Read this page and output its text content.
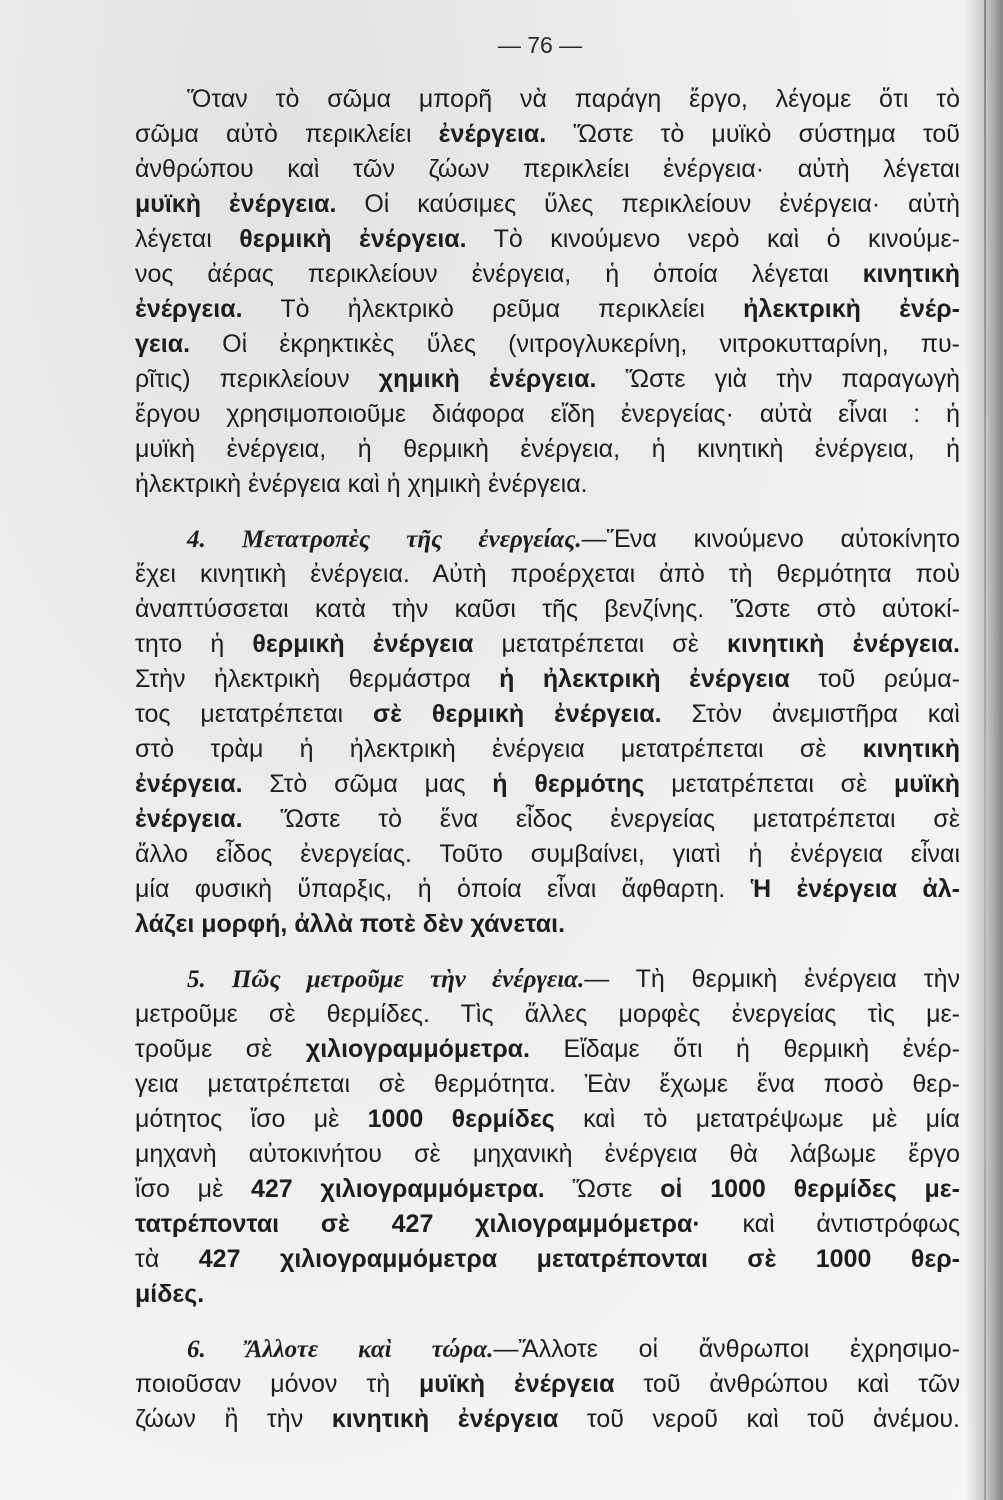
— 76 —
Ὅταν τὸ σῶμα μπορῆ νὰ παράγη ἔργο, λέγομε ὅτι τὸ
σῶμα αὐτὸ περικλείει ἐνέργεια. Ὥστε τὸ μυϊκὸ σύστημα τοῦ
ἀνθρώπου καὶ τῶν ζώων περικλείει ἐνέργεια· αὐτὴ λέγεται
μυϊκὴ ἐνέργεια. Οἱ καύσιμες ὕλες περικλείουν ἐνέργεια· αὐτὴ
λέγεται θερμικὴ ἐνέργεια. Τὸ κινούμενο νερὸ καὶ ὁ κινούμε-
νος ἀέρας περικλείουν ἐνέργεια, ἡ ὁποία λέγεται κινητικὴ
ἐνέργεια. Τὸ ἠλεκτρικὸ ρεῦμα περικλείει ἠλεκτρικὴ ἐνέρ-
γεια. Οἱ ἐκρηκτικὲς ὕλες (νιτρογλυκερίνη, νιτροκυτταρίνη, πυ-
ρῖτις) περικλείουν χημικὴ ἐνέργεια. Ὥστε γιὰ τὴν παραγωγὴ
ἔργου χρησιμοποιοῦμε διάφορα εἴδη ἐνεργείας· αὐτὰ εἶναι : ἡ
μυϊκὴ ἐνέργεια, ἡ θερμικὴ ἐνέργεια, ἡ κινητικὴ ἐνέργεια, ἡ
ἠλεκτρικὴ ἐνέργεια καὶ ἡ χημικὴ ἐνέργεια.
4. Μετατροπὲς τῆς ἐνεργείας.—Ἕνα κινούμενο αὐτοκίνητο
ἔχει κινητικὴ ἐνέργεια. Αὐτὴ προέρχεται ἀπὸ τὴ θερμότητα ποὺ
ἀναπτύσσεται κατὰ τὴν καῦσι τῆς βενζίνης. Ὥστε στὸ αὐτοκί-
τητο ἡ θερμικὴ ἐνέργεια μετατρέπεται σὲ κινητικὴ ἐνέργεια.
Στὴν ἠλεκτρικὴ θερμάστρα ἡ ἠλεκτρικὴ ἐνέργεια τοῦ ρεύμα-
τος μετατρέπεται σὲ θερμικὴ ἐνέργεια. Στὸν ἀνεμιστῆρα καὶ
στὸ τρὰμ ἡ ἠλεκτρικὴ ἐνέργεια μετατρέπεται σὲ κινητικὴ
ἐνέργεια. Στὸ σῶμα μας ἡ θερμότης μετατρέπεται σὲ μυϊκὴ
ἐνέργεια. Ὥστε τὸ ἕνα εἶδος ἐνεργείας μετατρέπεται σὲ
ἄλλο εἶδος ἐνεργείας. Τοῦτο συμβαίνει, γιατὶ ἡ ἐνέργεια εἶναι
μία φυσικὴ ὕπαρξις, ἡ ὁποία εἶναι ἄφθαρτη. Ἡ ἐνέργεια ἀλ-
λάζει μορφή, ἀλλὰ ποτὲ δὲν χάνεται.
5. Πῶς μετροῦμε τὴν ἐνέργεια.— Τὴ θερμικὴ ἐνέργεια τὴν
μετροῦμε σὲ θερμίδες. Τὶς ἄλλες μορφὲς ἐνεργείας τὶς με-
τροῦμε σὲ χιλιογραμμόμετρα. Εἴδαμε ὅτι ἡ θερμικὴ ἐνέρ-
γεια μετατρέπεται σὲ θερμότητα. Ἐὰν ἔχωμε ἕνα ποσὸ θερ-
μότητος ἴσο μὲ 1000 θερμίδες καὶ τὸ μετατρέψωμε μὲ μία
μηχανὴ αὐτοκινήτου σὲ μηχανικὴ ἐνέργεια θὰ λάβωμε ἔργο
ἴσο μὲ 427 χιλιογραμμόμετρα. Ὥστε οἱ 1000 θερμίδες με-
τατρέπονται σὲ 427 χιλιογραμμόμετρα· καὶ ἀντιστρόφως
τὰ 427 χιλιογραμμόμετρα μετατρέπονται σὲ 1000 θερ-
μίδες.
6. Ἄλλοτε καὶ τώρα.—Ἄλλοτε οἱ ἄνθρωποι ἐχρησιμο-
ποιοῦσαν μόνον τὴ μυϊκὴ ἐνέργεια τοῦ ἀνθρώπου καὶ τῶν
ζώων ἢ τὴν κινητικὴ ἐνέργεια τοῦ νεροῦ καὶ τοῦ ἀνέμου.
